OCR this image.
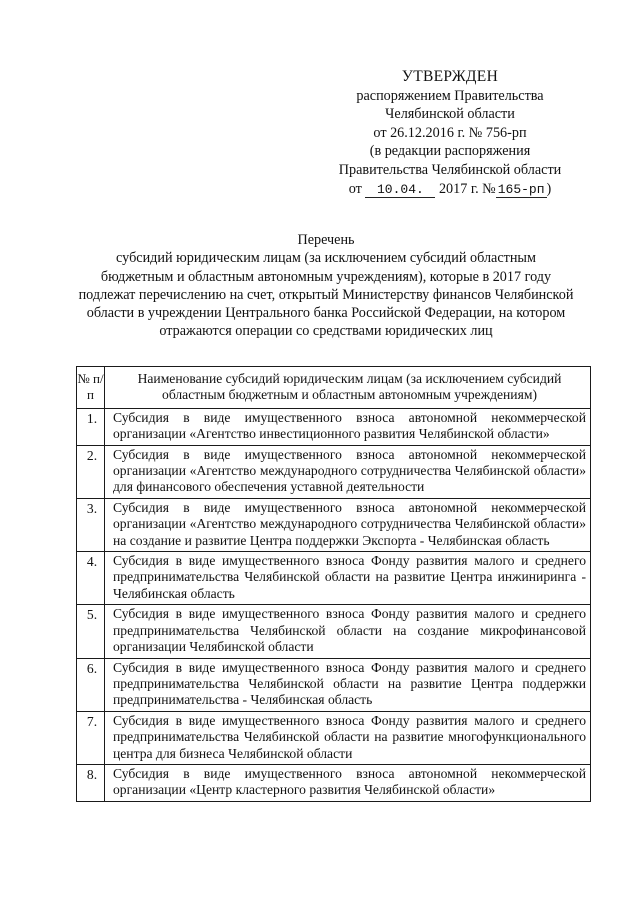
УТВЕРЖДЕН
распоряжением Правительства
Челябинской области
от 26.12.2016 г. № 756-рп
(в редакции распоряжения
Правительства Челябинской области
от 10.04. 2017 г. № 165-рп )
Перечень
субсидий юридическим лицам (за исключением субсидий областным
бюджетным и областным автономным учреждениям), которые в 2017 году
подлежат перечислению на счет, открытый Министерству финансов Челябинской
области в учреждении Центрального банка Российской Федерации, на котором
отражаются операции со средствами юридических лиц
№ п/п	Наименование субсидий юридическим лицам (за исключением субсидий областным бюджетным и областным автономным учреждениям)
1.	Субсидия в виде имущественного взноса автономной некоммерческой организации «Агентство инвестиционного развития Челябинской области»
2.	Субсидия в виде имущественного взноса автономной некоммерческой организации «Агентство международного сотрудничества Челябинской области» для финансового обеспечения уставной деятельности
3.	Субсидия в виде имущественного взноса автономной некоммерческой организации «Агентство международного сотрудничества Челябинской области» на создание и развитие Центра поддержки Экспорта - Челябинская область
4.	Субсидия в виде имущественного взноса Фонду развития малого и среднего предпринимательства Челябинской области на развитие Центра инжиниринга - Челябинская область
5.	Субсидия в виде имущественного взноса Фонду развития малого и среднего предпринимательства Челябинской области на создание микрофинансовой организации Челябинской области
6.	Субсидия в виде имущественного взноса Фонду развития малого и среднего предпринимательства Челябинской области на развитие Центра поддержки предпринимательства - Челябинская область
7.	Субсидия в виде имущественного взноса Фонду развития малого и среднего предпринимательства Челябинской области на развитие многофункционального центра для бизнеса Челябинской области
8.	Субсидия в виде имущественного взноса автономной некоммерческой организации «Центр кластерного развития Челябинской области»
